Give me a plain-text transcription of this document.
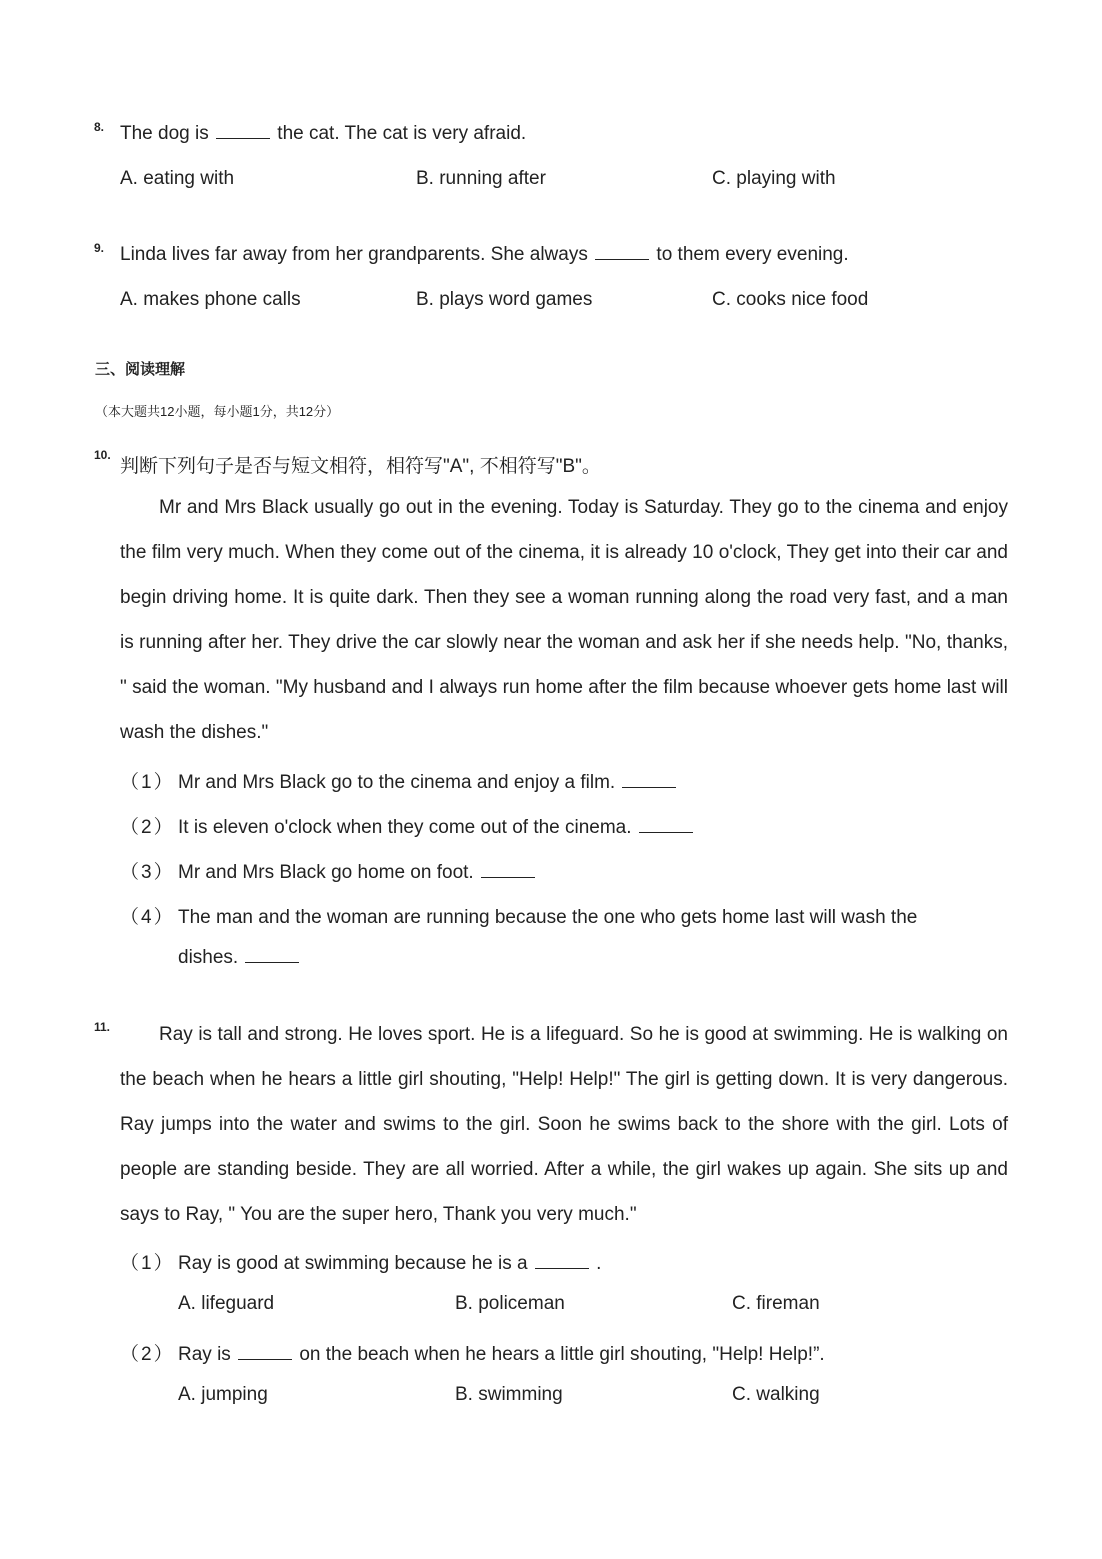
8. The dog is	the cat. The cat is very afraid.
A. eating with	B. running after	C. playing with
9. Linda lives far away from her grandparents. She always	to them every evening.
A. makes phone calls	B. plays word games	C. cooks nice food
三、阅读理解
（本大题共12小题，每小题1分，共12分）
10.
判断下列句子是否与短文相符，相符写"A", 不相符写"B"。
Mr and Mrs Black usually go out in the evening. Today is Saturday. They go to the cinema and enjoy the film very much. When they come out of the cinema, it is already 10 o'clock, They get into their car and begin driving home. It is quite dark. Then they see a woman running along the road very fast, and a man is running after her. They drive the car slowly near the woman and ask her if she needs help. "No, thanks, " said the woman. "My husband and I always run home after the film because whoever gets home last will wash the dishes."
（1） Mr and Mrs Black go to the cinema and enjoy a film.
（2） It is eleven o'clock when they come out of the cinema.
（3） Mr and Mrs Black go home on foot.
（4） The man and the woman are running because the one who gets home last will wash the
dishes.
11.	Ray is tall and strong. He loves sport. He is a lifeguard. So he is good at swimming. He is walking on the beach when he hears a little girl shouting, "Help! Help!" The girl is getting down. It is very dangerous. Ray jumps into the water and swims to the girl. Soon he swims back to the shore with the girl. Lots of people are standing beside. They are all worried. After a while, the girl wakes up again. She sits up and says to Ray, " You are the super hero, Thank you very much."
（1） Ray is good at swimming because he is a	.
A. lifeguard	B. policeman	C. fireman
（2） Ray is	on the beach when he hears a little girl shouting, "Help! Help!”.
A. jumping	B. swimming	C. walking
